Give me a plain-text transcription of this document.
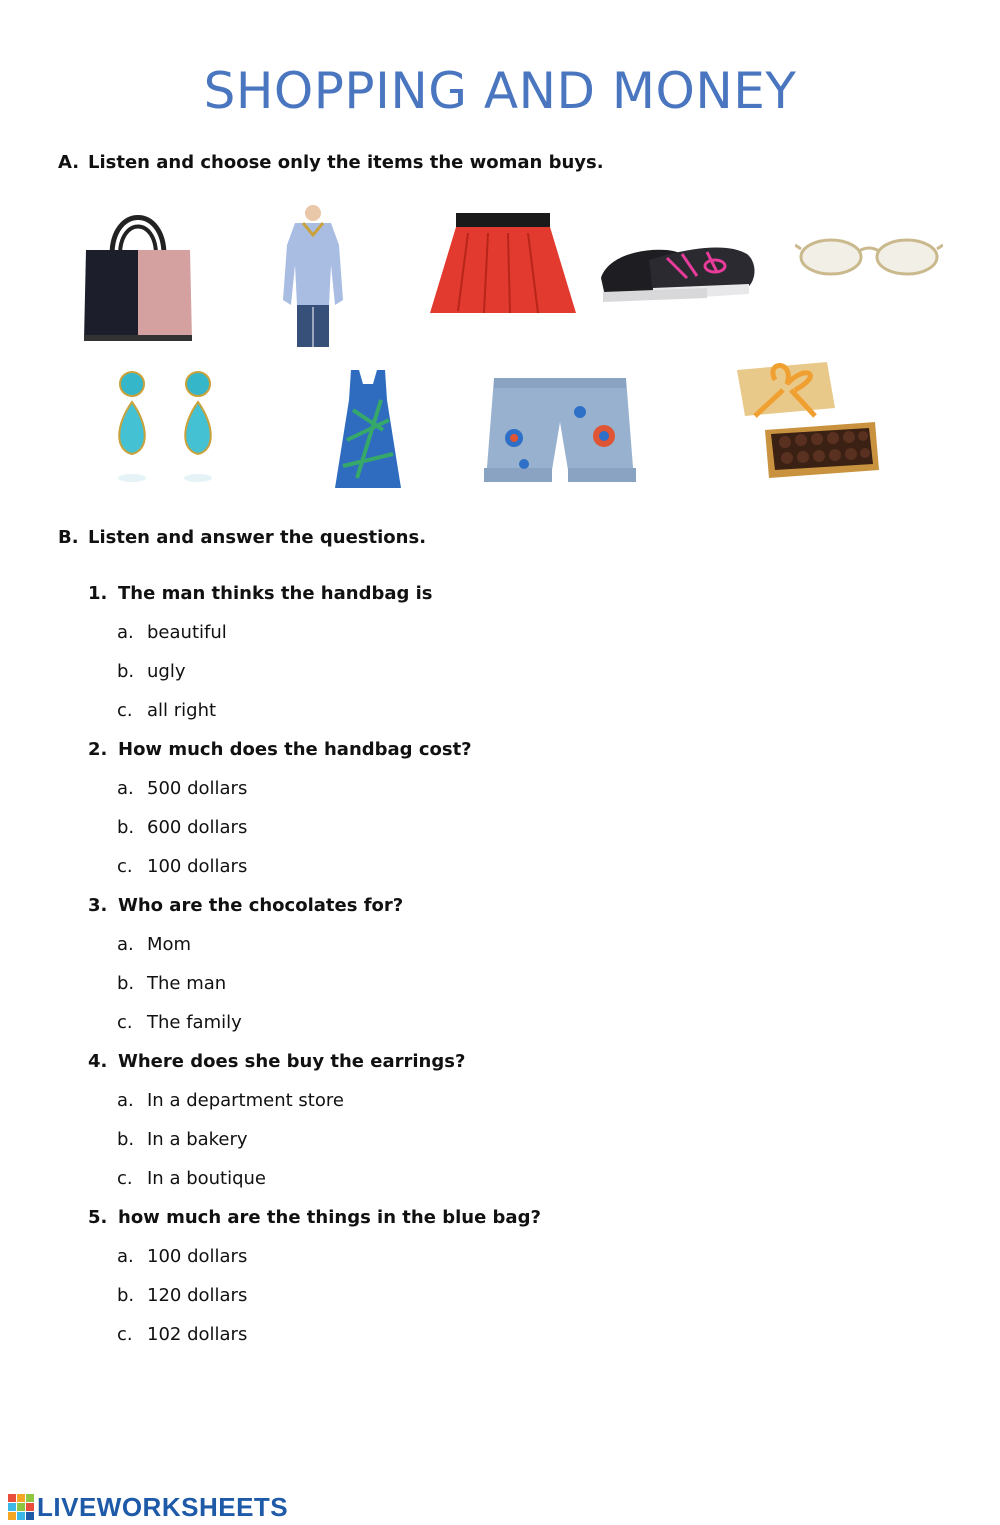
SHOPPING AND MONEY
A. Listen and choose only the items the woman buys.
B. Listen and answer the questions.
1. The man thinks the handbag is
a. beautiful
b. ugly
c. all right
2. How much does the handbag cost?
a. 500 dollars
b. 600 dollars
c. 100 dollars
3. Who are the chocolates for?
a. Mom
b. The man
c. The family
4. Where does she buy the earrings?
a. In a department store
b. In a bakery
c. In a boutique
5. how much are the things in the blue bag?
a. 100 dollars
b. 120 dollars
c. 102 dollars
LIVEWORKSHEETS
